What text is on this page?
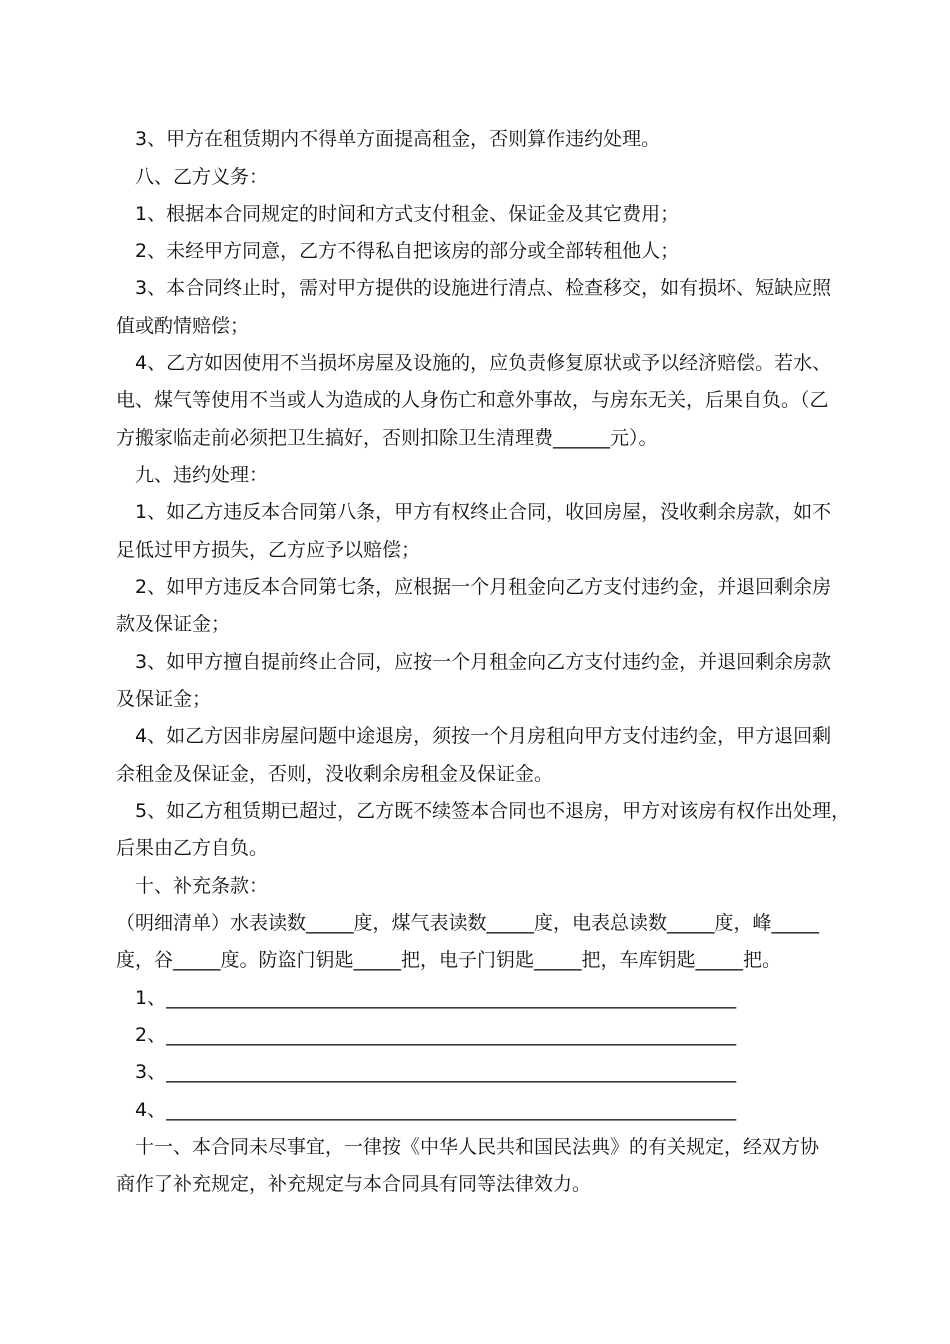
3、甲方在租赁期内不得单方面提高租金，否则算作违约处理。
八、乙方义务：
1、根据本合同规定的时间和方式支付租金、保证金及其它费用；
2、未经甲方同意，乙方不得私自把该房的部分或全部转租他人；
3、本合同终止时，需对甲方提供的设施进行清点、检查移交，如有损坏、短缺应照
值或酌情赔偿；
4、乙方如因使用不当损坏房屋及设施的，应负责修复原状或予以经济赔偿。若水、
电、煤气等使用不当或人为造成的人身伤亡和意外事故，与房东无关，后果自负。（乙
方搬家临走前必须把卫生搞好，否则扣除卫生清理费______元）。
九、违约处理：
1、如乙方违反本合同第八条，甲方有权终止合同，收回房屋，没收剩余房款，如不
足低过甲方损失，乙方应予以赔偿；
2、如甲方违反本合同第七条，应根据一个月租金向乙方支付违约金，并退回剩余房
款及保证金；
3、如甲方擅自提前终止合同，应按一个月租金向乙方支付违约金，并退回剩余房款
及保证金；
4、如乙方因非房屋问题中途退房，须按一个月房租向甲方支付违约金，甲方退回剩
余租金及保证金，否则，没收剩余房租金及保证金。
5、如乙方租赁期已超过，乙方既不续签本合同也不退房，甲方对该房有权作出处理，
后果由乙方自负。
十、补充条款：
（明细清单）水表读数_____度，煤气表读数_____度，电表总读数_____度，峰_____
度，谷_____度。防盗门钥匙_____把，电子门钥匙_____把，车库钥匙_____把。
1、____________________________________________________________
2、____________________________________________________________
3、____________________________________________________________
4、____________________________________________________________
十一、本合同未尽事宜，一律按《中华人民共和国民法典》的有关规定，经双方协
商作了补充规定，补充规定与本合同具有同等法律效力。
